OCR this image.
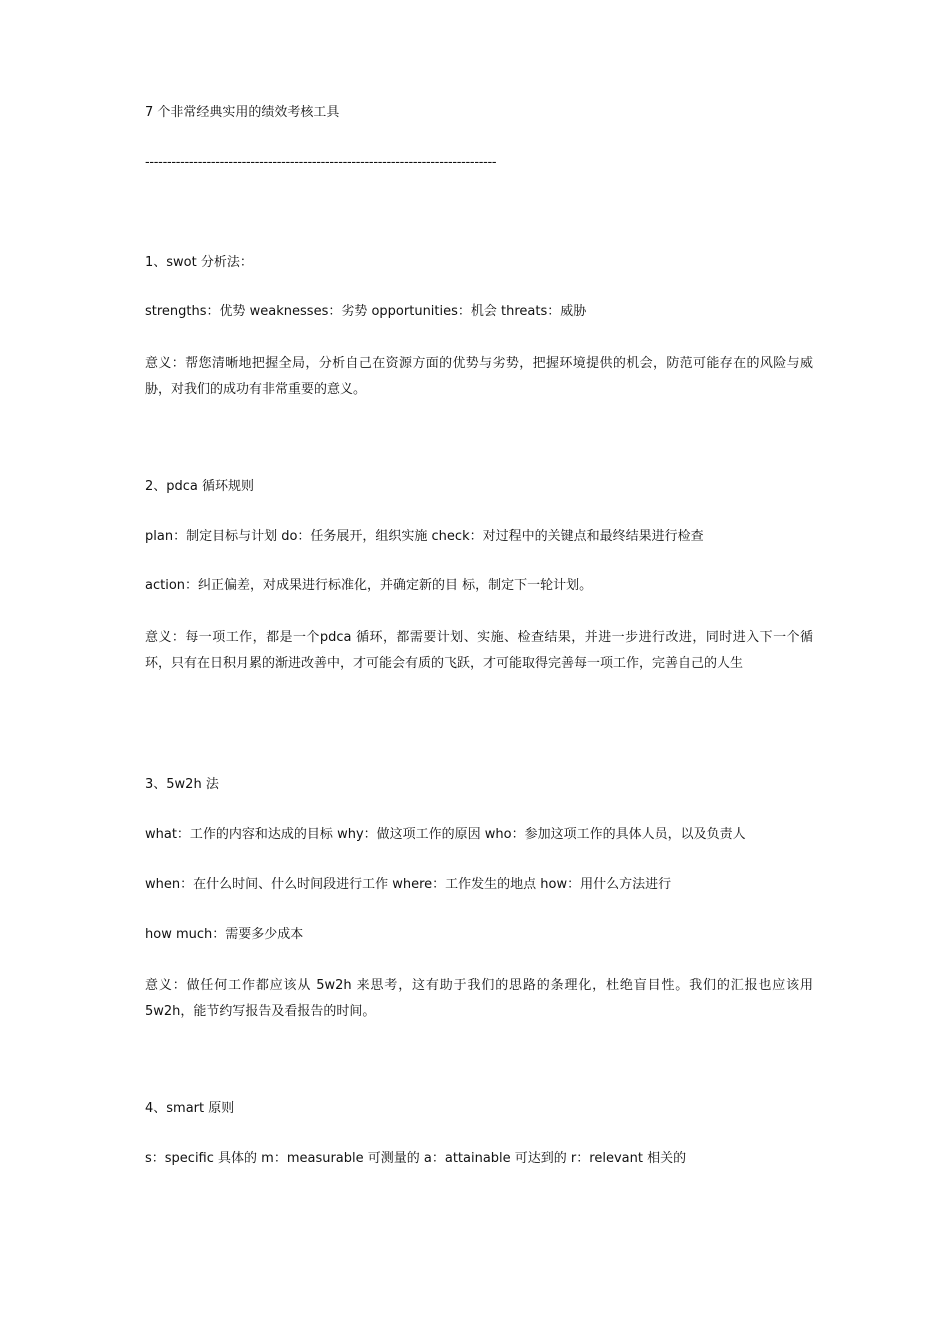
7 个非常经典实用的绩效考核工具
--------------------------------------------------------------------------------
1、swot 分析法：
strengths：优势 weaknesses：劣势 opportunities：机会 threats：威胁
意义：帮您清晰地把握全局，分析自己在资源方面的优势与劣势，把握环境提供的机会，防范可能存在的风险与威胁，对我们的成功有非常重要的意义。
2、pdca 循环规则
plan：制定目标与计划 do：任务展开，组织实施 check：对过程中的关键点和最终结果进行检查
action：纠正偏差，对成果进行标准化，并确定新的目 标，制定下一轮计划。
意义：每一项工作，都是一个pdca 循环，都需要计划、实施、检查结果，并进一步进行改进，同时进入下一个循环，只有在日积月累的渐进改善中，才可能会有质的飞跃，才可能取得完善每一项工作，完善自己的人生
3、5w2h 法
what：工作的内容和达成的目标 why：做这项工作的原因 who：参加这项工作的具体人员，以及负责人
when：在什么时间、什么时间段进行工作 where：工作发生的地点 how：用什么方法进行
how much：需要多少成本
意义：做任何工作都应该从 5w2h 来思考，这有助于我们的思路的条理化，杜绝盲目性。我们的汇报也应该用 5w2h，能节约写报告及看报告的时间。
4、smart 原则
s：specific 具体的 m：measurable 可测量的 a：attainable 可达到的 r：relevant 相关的
